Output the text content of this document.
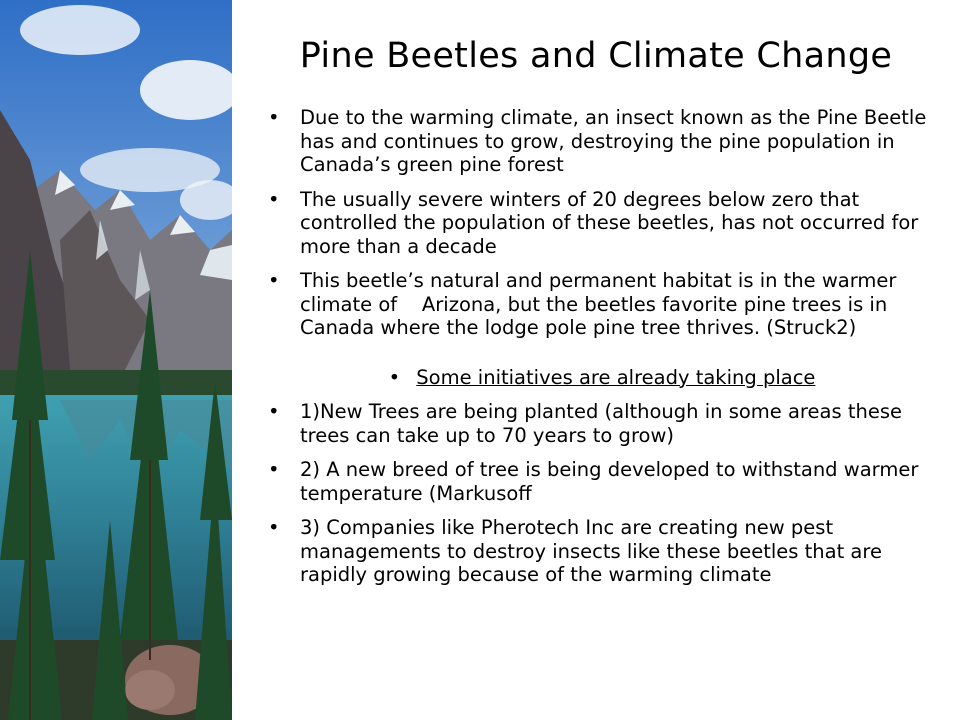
Pine Beetles and Climate Change
• Due to the warming climate, an insect known as the Pine Beetle has and continues to grow, destroying the pine population in Canada’s green pine forest
• The usually severe winters of 20 degrees below zero that controlled the population of these beetles, has not occurred for more than a decade
• This beetle’s natural and permanent habitat is in the warmer climate of    Arizona, but the beetles favorite pine trees is in Canada where the lodge pole pine tree thrives. (Struck2)
• Some initiatives are already taking place
• 1)New Trees are being planted (although in some areas these trees can take up to 70 years to grow)
• 2) A new breed of tree is being developed to withstand warmer temperature (Markusoff
• 3) Companies like Pherotech Inc are creating new pest managements to destroy insects like these beetles that are rapidly growing because of the warming climate
